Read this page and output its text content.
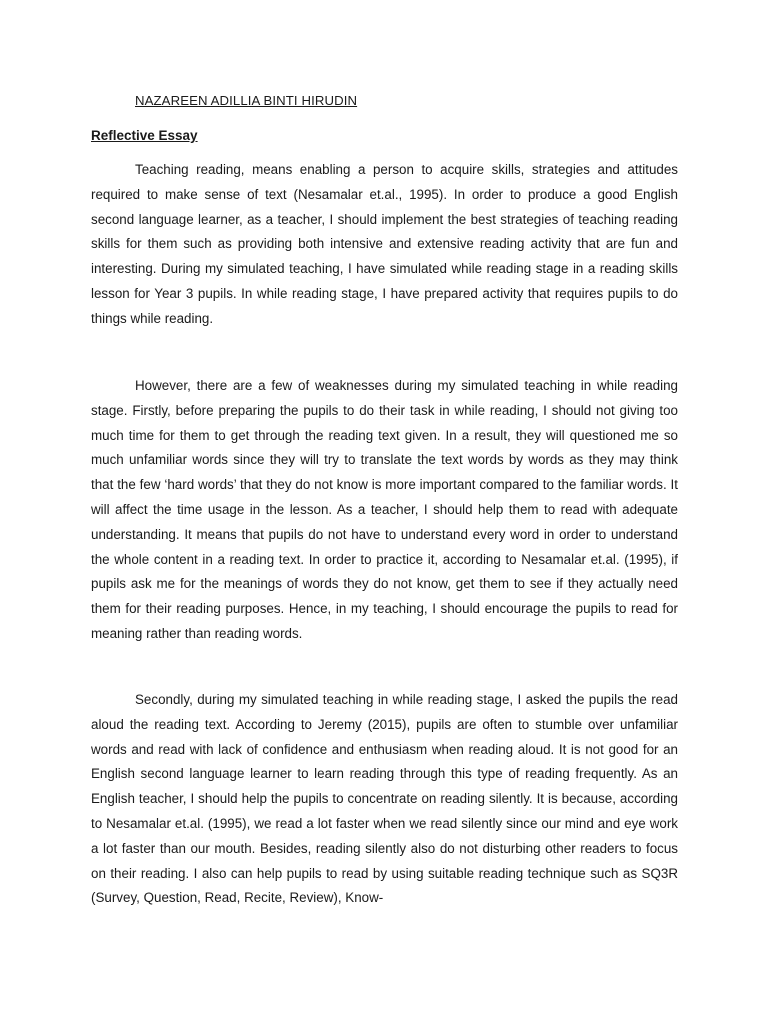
NAZAREEN ADILLIA BINTI HIRUDIN
Reflective Essay

Teaching reading, means enabling a person to acquire skills, strategies and attitudes required to make sense of text (Nesamalar et.al., 1995). In order to produce a good English second language learner, as a teacher, I should implement the best strategies of teaching reading skills for them such as providing both intensive and extensive reading activity that are fun and interesting. During my simulated teaching, I have simulated while reading stage in a reading skills lesson for Year 3 pupils. In while reading stage, I have prepared activity that requires pupils to do things while reading.

However, there are a few of weaknesses during my simulated teaching in while reading stage. Firstly, before preparing the pupils to do their task in while reading, I should not giving too much time for them to get through the reading text given. In a result, they will questioned me so much unfamiliar words since they will try to translate the text words by words as they may think that the few ‘hard words’ that they do not know is more important compared to the familiar words. It will affect the time usage in the lesson. As a teacher, I should help them to read with adequate understanding. It means that pupils do not have to understand every word in order to understand the whole content in a reading text. In order to practice it, according to Nesamalar et.al. (1995), if pupils ask me for the meanings of words they do not know, get them to see if they actually need them for their reading purposes. Hence, in my teaching, I should encourage the pupils to read for meaning rather than reading words.

Secondly, during my simulated teaching in while reading stage, I asked the pupils the read aloud the reading text. According to Jeremy (2015), pupils are often to stumble over unfamiliar words and read with lack of confidence and enthusiasm when reading aloud. It is not good for an English second language learner to learn reading through this type of reading frequently. As an English teacher, I should help the pupils to concentrate on reading silently. It is because, according to Nesamalar et.al. (1995), we read a lot faster when we read silently since our mind and eye work a lot faster than our mouth. Besides, reading silently also do not disturbing other readers to focus on their reading. I also can help pupils to read by using suitable reading technique such as SQ3R (Survey, Question, Read, Recite, Review), Know-
